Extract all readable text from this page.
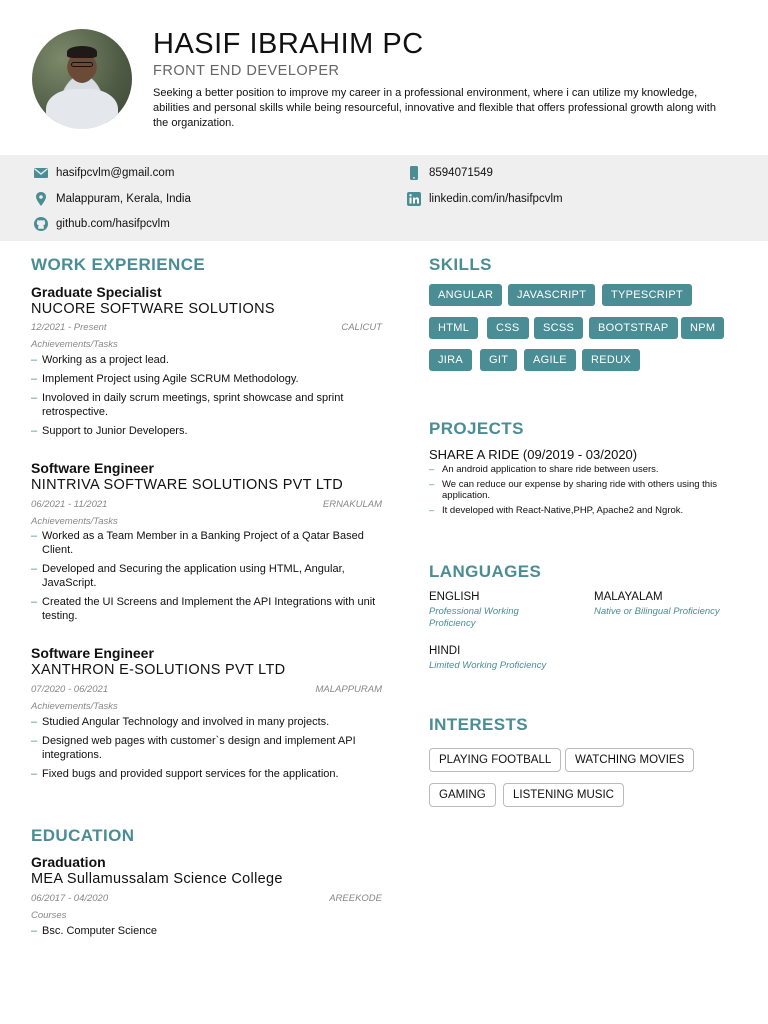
HASIF IBRAHIM PC
FRONT END DEVELOPER
Seeking a better position to improve my career in a professional environment, where i can utilize my knowledge, abilities and personal skills while being resourceful, innovative and flexible that offers professional growth along with the organization.
hasifpcvlm@gmail.com	8594071549
Malappuram, Kerala, India	linkedin.com/in/hasifpcvlm
github.com/hasifpcvlm
WORK EXPERIENCE
Graduate Specialist
NUCORE SOFTWARE SOLUTIONS
12/2021 - Present	CALICUT
Achievements/Tasks
– Working as a project lead.
– Implement Project using Agile SCRUM Methodology.
– Involoved in daily scrum meetings, sprint showcase and sprint retrospective.
– Support to Junior Developers.
Software Engineer
NINTRIVA SOFTWARE SOLUTIONS PVT LTD
06/2021 - 11/2021	ERNAKULAM
Achievements/Tasks
– Worked as a Team Member in a Banking Project of a Qatar Based Client.
– Developed and Securing the application using HTML, Angular, JavaScript.
– Created the UI Screens and Implement the API Integrations with unit testing.
Software Engineer
XANTHRON E-SOLUTIONS PVT LTD
07/2020 - 06/2021	MALAPPURAM
Achievements/Tasks
– Studied Angular Technology and involved in many projects.
– Designed web pages with customer`s design and implement API integrations.
– Fixed bugs and provided support services for the application.
EDUCATION
Graduation
MEA Sullamussalam Science College
06/2017 - 04/2020	AREEKODE
Courses
– Bsc. Computer Science
SKILLS
ANGULAR	JAVASCRIPT	TYPESCRIPT
HTML	CSS	SCSS	BOOTSTRAP	NPM
JIRA	GIT	AGILE	REDUX
PROJECTS
SHARE A RIDE (09/2019 - 03/2020)
– An android application to share ride between users.
– We can reduce our expense by sharing ride with others using this application.
– It developed with React-Native,PHP, Apache2 and Ngrok.
LANGUAGES
ENGLISH
Professional Working Proficiency
MALAYALAM
Native or Bilingual Proficiency
HINDI
Limited Working Proficiency
INTERESTS
PLAYING FOOTBALL	WATCHING MOVIES
GAMING	LISTENING MUSIC
